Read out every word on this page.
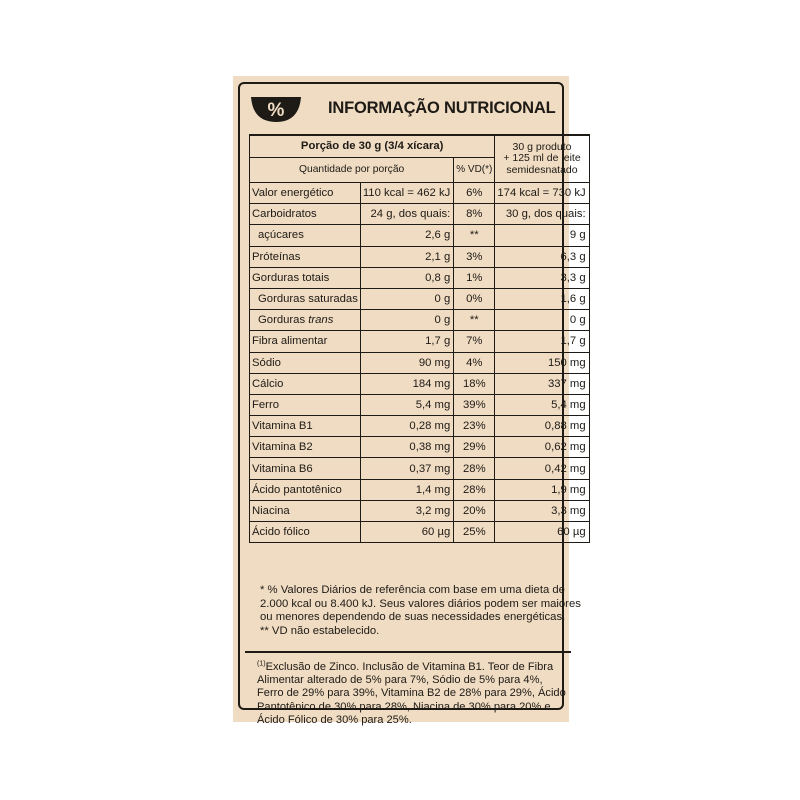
%	INFORMAÇÃO NUTRICIONAL
Porção de 30 g (3/4 xícara)			30 g produto
+ 125 ml de leite
semidesnatado

Quantidade por porção		% VD(*)	
Valor energético	110 kcal = 462 kJ	6%	174 kcal = 730 kJ
Carboidratos	24 g, dos quais:	8%	30 g, dos quais:
açúcares	2,6 g	**	9 g
Próteínas	2,1 g	3%	6,3 g
Gorduras totais	0,8 g	1%	3,3 g
Gorduras saturadas	0 g	0%	1,6 g
Gorduras trans	0 g	**	0 g
Fibra alimentar	1,7 g	7%	1,7 g
Sódio	90 mg	4%	150 mg
Cálcio	184 mg	18%	337 mg
Ferro	5,4 mg	39%	5,4 mg
Vitamina B1	0,28 mg	23%	0,88 mg
Vitamina B2	0,38 mg	29%	0,62 mg
Vitamina B6	0,37 mg	28%	0,42 mg
Ácido pantotênico	1,4 mg	28%	1,9 mg
Niacina	3,2 mg	20%	3,3 mg
Ácido fólico	60 µg	25%	60 µg
* % Valores Diários de referência com base em uma dieta de
2.000 kcal ou 8.400 kJ. Seus valores diários podem ser maiores
ou menores dependendo de suas necessidades energéticas.
** VD não estabelecido.
$^{(1)}$Exclusão de Zinco. Inclusão de Vitamina B1. Teor de Fibra
Alimentar alterado de 5% para 7%, Sódio de 5% para 4%,
Ferro de 29% para 39%, Vitamina B2 de 28% para 29%, Ácido
Pantotênico de 30% para 28%, Niacina de 30% para 20% e
Ácido Fólico de 30% para 25%.
